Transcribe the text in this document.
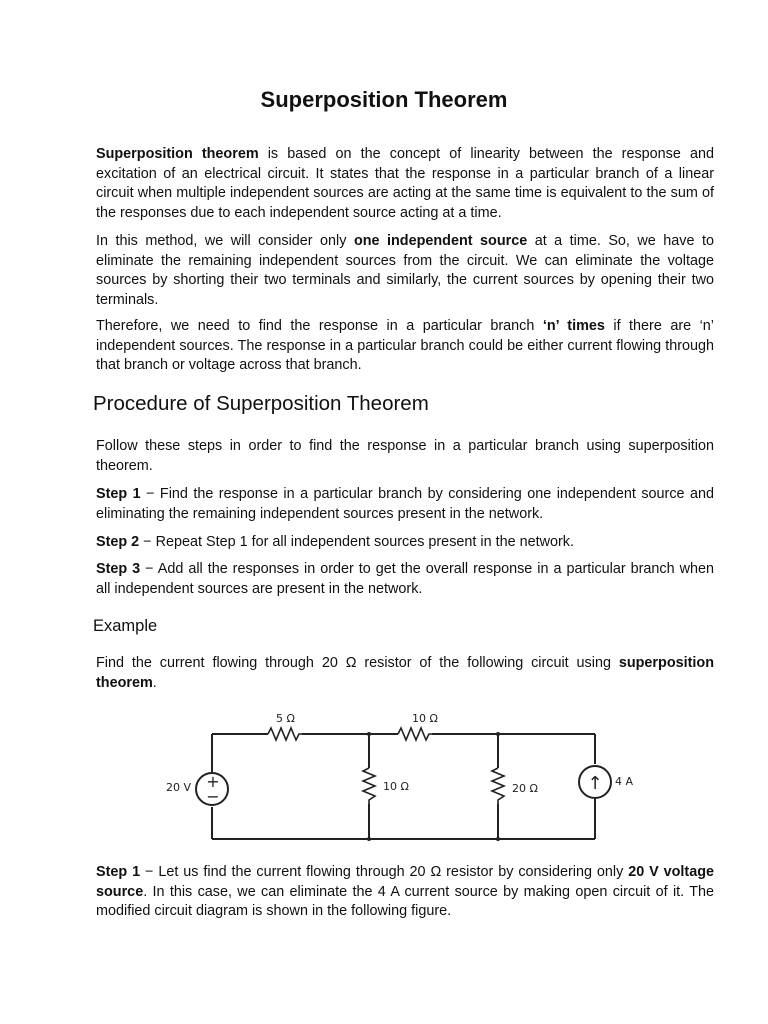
Superposition Theorem

Superposition theorem is based on the concept of linearity between the response and excitation of an electrical circuit. It states that the response in a particular branch of a linear circuit when multiple independent sources are acting at the same time is equivalent to the sum of the responses due to each independent source acting at a time.

In this method, we will consider only one independent source at a time. So, we have to eliminate the remaining independent sources from the circuit. We can eliminate the voltage sources by shorting their two terminals and similarly, the current sources by opening their two terminals.

Therefore, we need to find the response in a particular branch ‘n’ times if there are ‘n’ independent sources. The response in a particular branch could be either current flowing through that branch or voltage across that branch.

Procedure of Superposition Theorem

Follow these steps in order to find the response in a particular branch using superposition theorem.

Step 1 − Find the response in a particular branch by considering one independent source and eliminating the remaining independent sources present in the network.

Step 2 − Repeat Step 1 for all independent sources present in the network.

Step 3 − Add all the responses in order to get the overall response in a particular branch when all independent sources are present in the network.

Example

Find the current flowing through 20 Ω resistor of the following circuit using superposition theorem.

+
−
↑
5 Ω	10 Ω
10 Ω	20 Ω
20 V	4 A

Step 1 − Let us find the current flowing through 20 Ω resistor by considering only 20 V voltage source. In this case, we can eliminate the 4 A current source by making open circuit of it. The modified circuit diagram is shown in the following figure.
